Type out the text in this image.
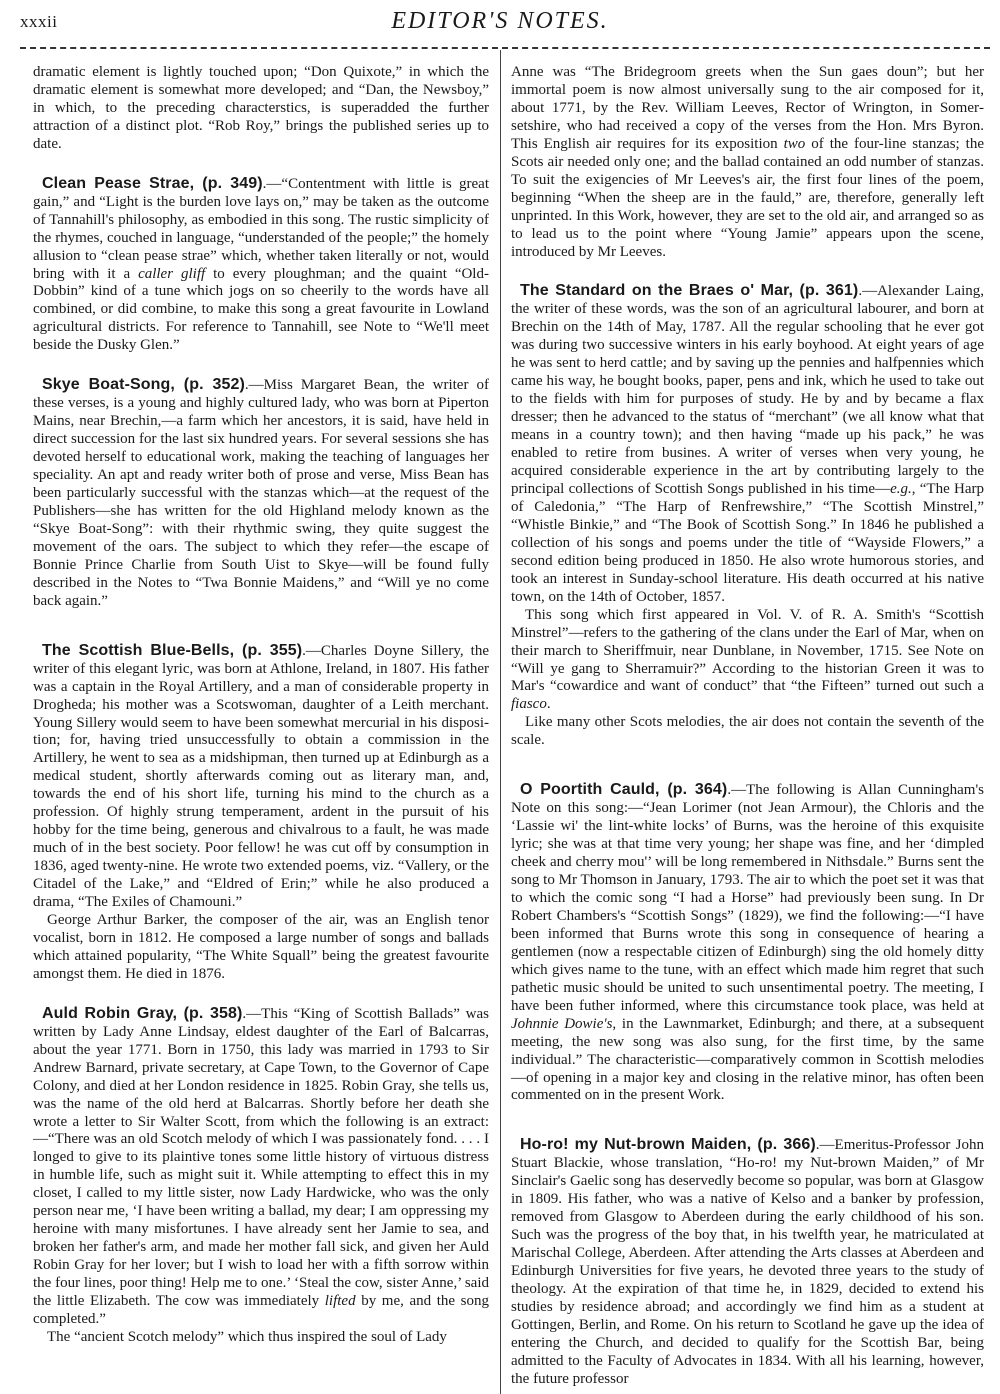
xxxii	EDITOR'S NOTES.

dramatic element is lightly touched upon; “Don Quixote,” in which the dramatic element is somewhat more developed; and “Dan, the Newsboy,” in which, to the preceding characterstics, is superadded the further attraction of a distinct plot. “Rob Roy,” brings the published series up to date.

Clean Pease Strae, (p. 349).—“Contentment with little is great gain,” and “Light is the burden love lays on,” may be taken as the outcome of Tannahill's philosophy, as embodied in this song. The rustic simplicity of the rhymes, couched in language, “understanded of the people;” the homely allusion to “clean pease strae” which, whether taken literally or not, would bring with it a caller gliff to every ploughman; and the quaint “Old-Dobbin” kind of a tune which jogs on so cheerily to the words have all combined, or did combine, to make this song a great favourite in Lowland agricultural districts. For reference to Tannahill, see Note to “We'll meet beside the Dusky Glen.”

Skye Boat-Song, (p. 352).—Miss Margaret Bean, the writer of these verses, is a young and highly cultured lady, who was born at Piperton Mains, near Brechin,—a farm which her ancestors, it is said, have held in direct succession for the last six hundred years. For several sessions she has devoted herself to educational work, making the teaching of languages her speciality. An apt and ready writer both of prose and verse, Miss Bean has been particularly successful with the stanzas which—at the request of the Publishers—she has written for the old Highland melody known as the “Skye Boat-Song”: with their rhythmic swing, they quite suggest the movement of the oars. The subject to which they refer—the escape of Bonnie Prince Charlie from South Uist to Skye—will be found fully described in the Notes to “Twa Bonnie Maidens,” and “Will ye no come back again.”

The Scottish Blue-Bells, (p. 355).—Charles Doyne Sillery, the writer of this elegant lyric, was born at Athlone, Ireland, in 1807. His father was a captain in the Royal Artillery, and a man of considerable property in Drogheda; his mother was a Scotswoman, daughter of a Leith merchant. Young Sillery would seem to have been somewhat mercurial in his disposition; for, having tried unsuccessfully to obtain a commission in the Artillery, he went to sea as a midshipman, then turned up at Edinburgh as a medical student, shortly afterwards coming out as literary man, and, towards the end of his short life, turning his mind to the church as a profession. Of highly strung temperament, ardent in the pursuit of his hobby for the time being, generous and chivalrous to a fault, he was made much of in the best society. Poor fellow! he was cut off by consumption in 1836, aged twenty-nine. He wrote two extended poems, viz. “Vallery, or the Citadel of the Lake,” and “Eldred of Erin;” while he also produced a drama, “The Exiles of Chamouni.”

George Arthur Barker, the composer of the air, was an English tenor vocalist, born in 1812. He composed a large number of songs and ballads which attained popularity, “The White Squall” being the greatest favourite amongst them. He died in 1876.

Auld Robin Gray, (p. 358).—This “King of Scottish Ballads” was written by Lady Anne Lindsay, eldest daughter of the Earl of Balcarras, about the year 1771. Born in 1750, this lady was married in 1793 to Sir Andrew Barnard, private secretary, at Cape Town, to the Governor of Cape Colony, and died at her London residence in 1825. Robin Gray, she tells us, was the name of the old herd at Balcarras. Shortly before her death she wrote a letter to Sir Walter Scott, from which the following is an extract:—“There was an old Scotch melody of which I was passionately fond. . . . I longed to give to its plaintive tones some little history of virtuous distress in humble life, such as might suit it. While attempting to effect this in my closet, I called to my little sister, now Lady Hardwicke, who was the only person near me, ‘I have been writing a ballad, my dear; I am oppressing my heroine with many misfortunes. I have already sent her Jamie to sea, and broken her father's arm, and made her mother fall sick, and given her Auld Robin Gray for her lover; but I wish to load her with a fifth sorrow within the four lines, poor thing! Help me to one.’ ‘Steal the cow, sister Anne,’ said the little Elizabeth. The cow was immediately lifted by me, and the song completed.”

The “ancient Scotch melody” which thus inspired the soul of Lady

Anne was “The Bridegroom greets when the Sun gaes doun”; but her immortal poem is now almost universally sung to the air composed for it, about 1771, by the Rev. William Leeves, Rector of Wrington, in Somersetshire, who had received a copy of the verses from the Hon. Mrs Byron. This English air requires for its exposition two of the four-line stanzas; the Scots air needed only one; and the ballad contained an odd number of stanzas. To suit the exigencies of Mr Leeves's air, the first four lines of the poem, beginning “When the sheep are in the fauld,” are, therefore, generally left unprinted. In this Work, however, they are set to the old air, and arranged so as to lead us to the point where “Young Jamie” appears upon the scene, introduced by Mr Leeves.

The Standard on the Braes o' Mar, (p. 361).—Alexander Laing, the writer of these words, was the son of an agricultural labourer, and born at Brechin on the 14th of May, 1787. All the regular schooling that he ever got was during two successive winters in his early boyhood. At eight years of age he was sent to herd cattle; and by saving up the pennies and halfpennies which came his way, he bought books, paper, pens and ink, which he used to take out to the fields with him for purposes of study. He by and by became a flax dresser; then he advanced to the status of “merchant” (we all know what that means in a country town); and then having “made up his pack,” he was enabled to retire from busines. A writer of verses when very young, he acquired considerable experience in the art by contributing largely to the principal collections of Scottish Songs published in his time—e.g., “The Harp of Caledonia,” “The Harp of Renfrewshire,” “The Scottish Minstrel,” “Whistle Binkie,” and “The Book of Scottish Song.” In 1846 he published a collection of his songs and poems under the title of “Wayside Flowers,” a second edition being produced in 1850. He also wrote humorous stories, and took an interest in Sunday-school literature. His death occurred at his native town, on the 14th of October, 1857.

This song which first appeared in Vol. V. of R. A. Smith's “Scottish Minstrel”—refers to the gathering of the clans under the Earl of Mar, when on their march to Sheriffmuir, near Dunblane, in November, 1715. See Note on “Will ye gang to Sherramuir?” According to the historian Green it was to Mar's “cowardice and want of conduct” that “the Fifteen” turned out such a fiasco.

Like many other Scots melodies, the air does not contain the seventh of the scale.

O Poortith Cauld, (p. 364).—The following is Allan Cunningham's Note on this song:—“Jean Lorimer (not Jean Armour), the Chloris and the ‘Lassie wi' the lint-white locks’ of Burns, was the heroine of this exquisite lyric; she was at that time very young; her shape was fine, and her ‘dimpled cheek and cherry mou'’ will be long remembered in Nithsdale.” Burns sent the song to Mr Thomson in January, 1793. The air to which the poet set it was that to which the comic song “I had a Horse” had previously been sung. In Dr Robert Chambers's “Scottish Songs” (1829), we find the following:—“I have been informed that Burns wrote this song in consequence of hearing a gentlemen (now a respectable citizen of Edinburgh) sing the old homely ditty which gives name to the tune, with an effect which made him regret that such pathetic music should be united to such unsentimental poetry. The meeting, I have been futher informed, where this circumstance took place, was held at Johnnie Dowie's, in the Lawnmarket, Edinburgh; and there, at a subsequent meeting, the new song was also sung, for the first time, by the same individual.” The characteristic—comparatively common in Scottish melodies—of opening in a major key and closing in the relative minor, has often been commented on in the present Work.

Ho-ro! my Nut-brown Maiden, (p. 366).—Emeritus-Professor John Stuart Blackie, whose translation, “Ho-ro! my Nut-brown Maiden,” of Mr Sinclair's Gaelic song has deservedly become so popular, was born at Glasgow in 1809. His father, who was a native of Kelso and a banker by profession, removed from Glasgow to Aberdeen during the early childhood of his son. Such was the progress of the boy that, in his twelfth year, he matriculated at Marischal College, Aberdeen. After attending the Arts classes at Aberdeen and Edinburgh Universities for five years, he devoted three years to the study of theology. At the expiration of that time he, in 1829, decided to extend his studies by residence abroad; and accordingly we find him as a student at Gottingen, Berlin, and Rome. On his return to Scotland he gave up the idea of entering the Church, and decided to qualify for the Scottish Bar, being admitted to the Faculty of Advocates in 1834. With all his learning, however, the future professor
